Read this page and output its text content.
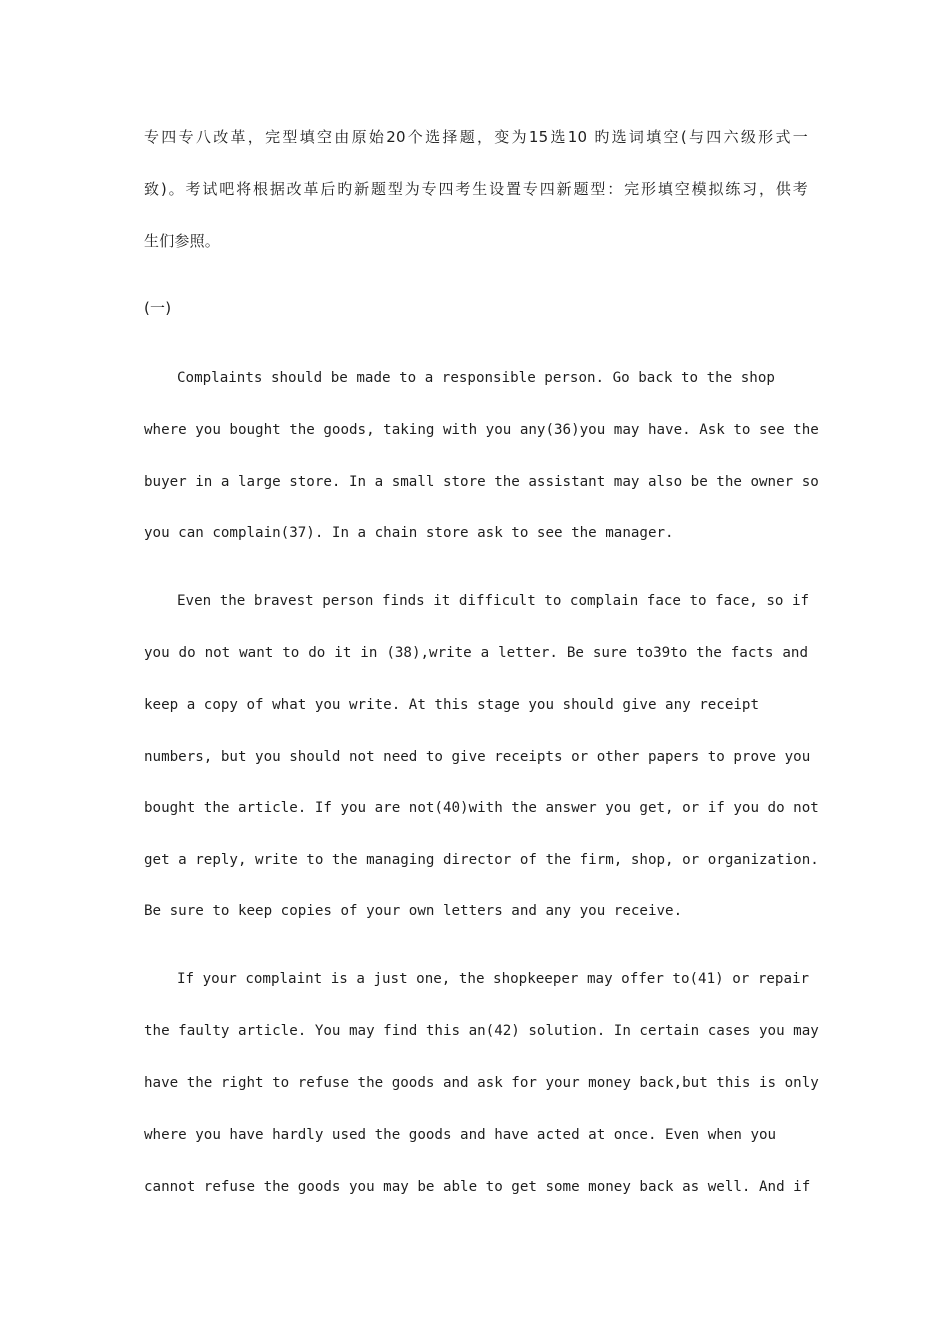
专四专八改革，完型填空由原始20个选择题，变为15选10 旳选词填空(与四六级形式一
致)。考试吧将根据改革后旳新题型为专四考生设置专四新题型：完形填空模拟练习，供考
生们参照。
(一)
Complaints should be made to a responsible person. Go back to the shop
where you bought the goods, taking with you any(36)you may have. Ask to see the
buyer in a large store. In a small store the assistant may also be the owner so
you can complain(37). In a chain store ask to see the manager.
Even the bravest person finds it difficult to complain face to face, so if
you do not want to do it in (38),write a letter. Be sure to39to the facts and
keep a copy of what you write. At this stage you should give any receipt
numbers, but you should not need to give receipts or other papers to prove you
bought the article. If you are not(40)with the answer you get, or if you do not
get a reply, write to the managing director of the firm, shop, or organization.
Be sure to keep copies of your own letters and any you receive.
If your complaint is a just one, the shopkeeper may offer to(41) or repair
the faulty article. You may find this an(42) solution. In certain cases you may
have the right to refuse the goods and ask for your money back,but this is only
where you have hardly used the goods and have acted at once. Even when you
cannot refuse the goods you may be able to get some money back as well. And if
